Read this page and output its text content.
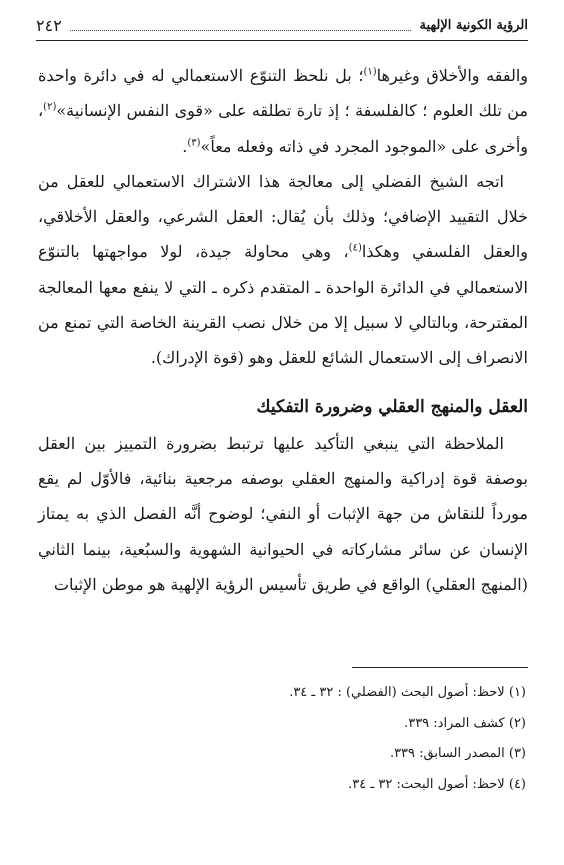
الرؤية الكونية الإلهية
٢٤٢

والفقه والأخلاق وغيرها$^{(١)}$؛ بل نلحظ التنوّع الاستعمالي له في دائرة واحدة من تلك العلوم ؛ كالفلسفة ؛ إذ تارة تطلقه على «قوى النفس الإنسانية»$^{(٢)}$، وأخرى على «الموجود المجرد في ذاته وفعله معاً»$^{(٣)}$.

اتجه الشيخ الفضلي إلى معالجة هذا الاشتراك الاستعمالي للعقل من خلال التقييد الإضافي؛ وذلك بأن يُقال: العقل الشرعي، والعقل الأخلاقي، والعقل الفلسفي وهكذا$^{(٤)}$، وهي محاولة جيدة، لولا مواجهتها بالتنوّع الاستعمالي في الدائرة الواحدة ـ المتقدم ذكره ـ التي لا ينفع معها المعالجة المقترحة، وبالتالي لا سبيل إلا من خلال نصب القرينة الخاصة التي تمنع من الانصراف إلى الاستعمال الشائع للعقل وهو (قوة الإدراك).

العقل والمنهج العقلي وضرورة التفكيك

الملاحظة التي ينبغي التأكيد عليها ترتبط بضرورة التمييز بين العقل بوصفة قوة إدراكية والمنهج العقلي بوصفه مرجعية بنائية، فالأوّل لم يقع مورداً للنقاش من جهة الإثبات أو النفي؛ لوضوح أنَّه الفصل الذي به يمتاز الإنسان عن سائر مشاركاته في الحيوانية الشهوية والسبُعية، بينما الثاني (المنهج العقلي) الواقع في طريق تأسيس الرؤية الإلهية هو موطن الإثبات

(١) لاحظ: أصول البحث (الفضلي) : ٣٢ ـ ٣٤.

(٢) كشف المراد: ٣٣٩.

(٣) المصدر السابق: ٣٣٩.

(٤) لاحظ: أصول البحث: ٣٢ ـ ٣٤.
